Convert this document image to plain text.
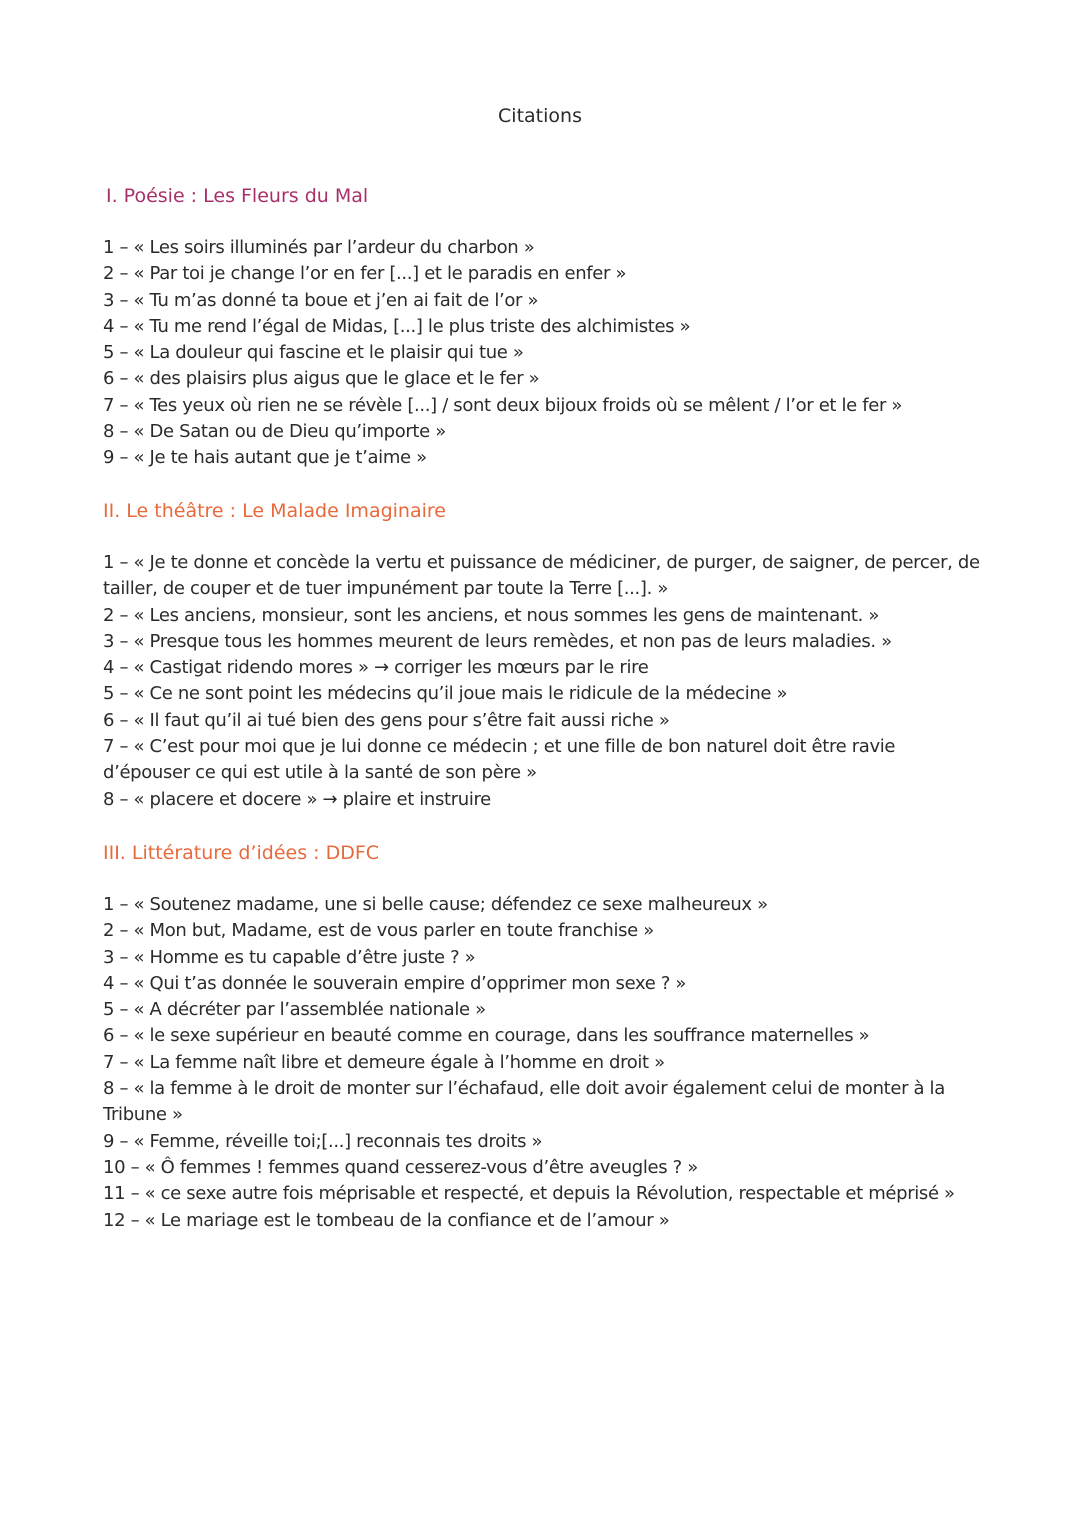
Citations
I. Poésie : Les Fleurs du Mal
1 – « Les soirs illuminés par l’ardeur du charbon »
2 – « Par toi je change l’or en fer [...] et le paradis en enfer »
3 – « Tu m’as donné ta boue et j’en ai fait de l’or »
4 – « Tu me rend l’égal de Midas, [...] le plus triste des alchimistes »
5 – « La douleur qui fascine et le plaisir qui tue »
6 – « des plaisirs plus aigus que le glace et le fer »
7 – « Tes yeux où rien ne se révèle [...] / sont deux bijoux froids où se mêlent / l’or et le fer »
8 – « De Satan ou de Dieu qu’importe »
9 – « Je te hais autant que je t’aime »
II. Le théâtre : Le Malade Imaginaire
1 – « Je te donne et concède la vertu et puissance de médiciner, de purger, de saigner, de percer, de tailler, de couper et de tuer impunément par toute la Terre [...]. »
2 – « Les anciens, monsieur, sont les anciens, et nous sommes les gens de maintenant. »
3 – « Presque tous les hommes meurent de leurs remèdes, et non pas de leurs maladies. »
4 – « Castigat ridendo mores » → corriger les mœurs par le rire
5 – « Ce ne sont point les médecins qu’il joue mais le ridicule de la médecine »
6 – « Il faut qu’il ai tué bien des gens pour s’être fait aussi riche »
7 – « C’est pour moi que je lui donne ce médecin ; et une fille de bon naturel doit être ravie d’épouser ce qui est utile à la santé de son père »
8 – « placere et docere » → plaire et instruire
III. Littérature d’idées : DDFC
1 – « Soutenez madame, une si belle cause; défendez ce sexe malheureux »
2 – « Mon but, Madame, est de vous parler en toute franchise »
3 – « Homme es tu capable d’être juste ? »
4 – « Qui t’as donnée le souverain empire d’opprimer mon sexe ? »
5 – « A décréter par l’assemblée nationale »
6 – « le sexe supérieur en beauté comme en courage, dans les souffrance maternelles »
7 – « La femme naît libre et demeure égale à l’homme en droit »
8 – « la femme à le droit de monter sur l’échafaud, elle doit avoir également celui de monter à la Tribune »
9 – « Femme, réveille toi;[...] reconnais tes droits »
10 – « Ô femmes ! femmes quand cesserez-vous d’être aveugles ? »
11 – « ce sexe autre fois méprisable et respecté, et depuis la Révolution, respectable et méprisé »
12 – « Le mariage est le tombeau de la confiance et de l’amour »
